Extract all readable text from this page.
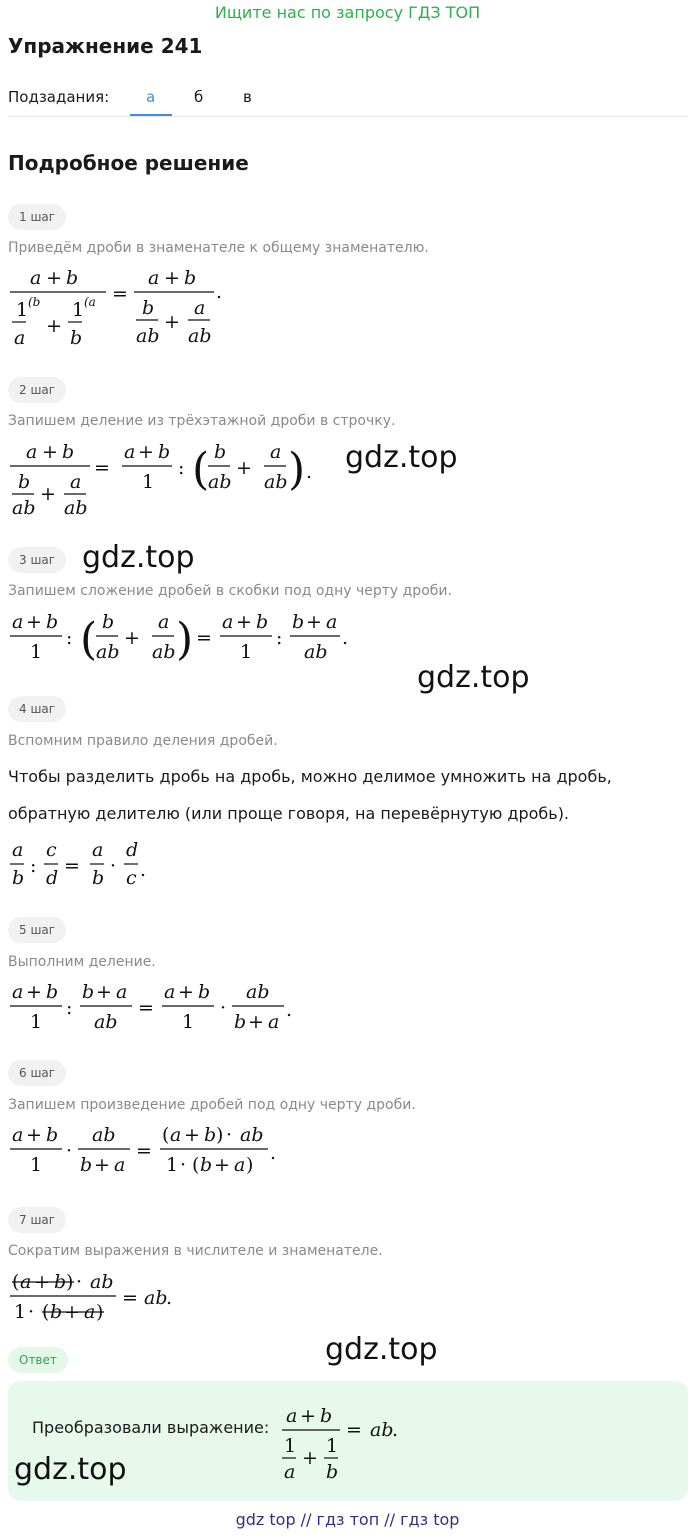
Ищите нас по запросу ГДЗ ТОП
Упражнение 241
Подзадания: а	б	в
Подробное решение
1 шаг
Приведём дроби в знаменателе к общему знаменателю.
a + b
1
a
(b
+
1
b
(a =
a + b
b
ab
+
a
ab
.
2 шаг
Запишем деление из трёхэтажной дроби в строчку.
a + b
b
ab
+
a
ab
=
a + b
1
: ( b
ab
+
a
ab ) . gdz.top
3 шаг gdz.top
Запишем сложение дробей в скобки под одну черту дроби.
a + b
1
: ( b
ab
+
a
ab ) =
a + b
1
:
b + a
ab
.
gdz.top
4 шаг
Вспомним правило деления дробей.
Чтобы разделить дробь на дробь, можно делимое умножить на дробь,
обратную делителю (или проще говоря, на перевёрнутую дробь).
a
b
:
c
d
=
a
b
·
d
c .
5 шаг
Выполним деление.
a + b
1
:
b + a
ab
=
a + b
1
·
ab
b + a
.
6 шаг
Запишем произведение дробей под одну черту дроби.
a + b
1
·
ab
b + a
=
( a + b ) · ab
1 · ( b + a )
.
7 шаг
Сократим выражения в числителе и знаменателе.
( a + b ) · ab
1 · ( b + a )
= ab
.
gdz.top
Ответ
Преобразовали выражение:
a + b
1
a
+
1
b
= ab
.
gdz.top
gdz top // гдз топ // гдз top
